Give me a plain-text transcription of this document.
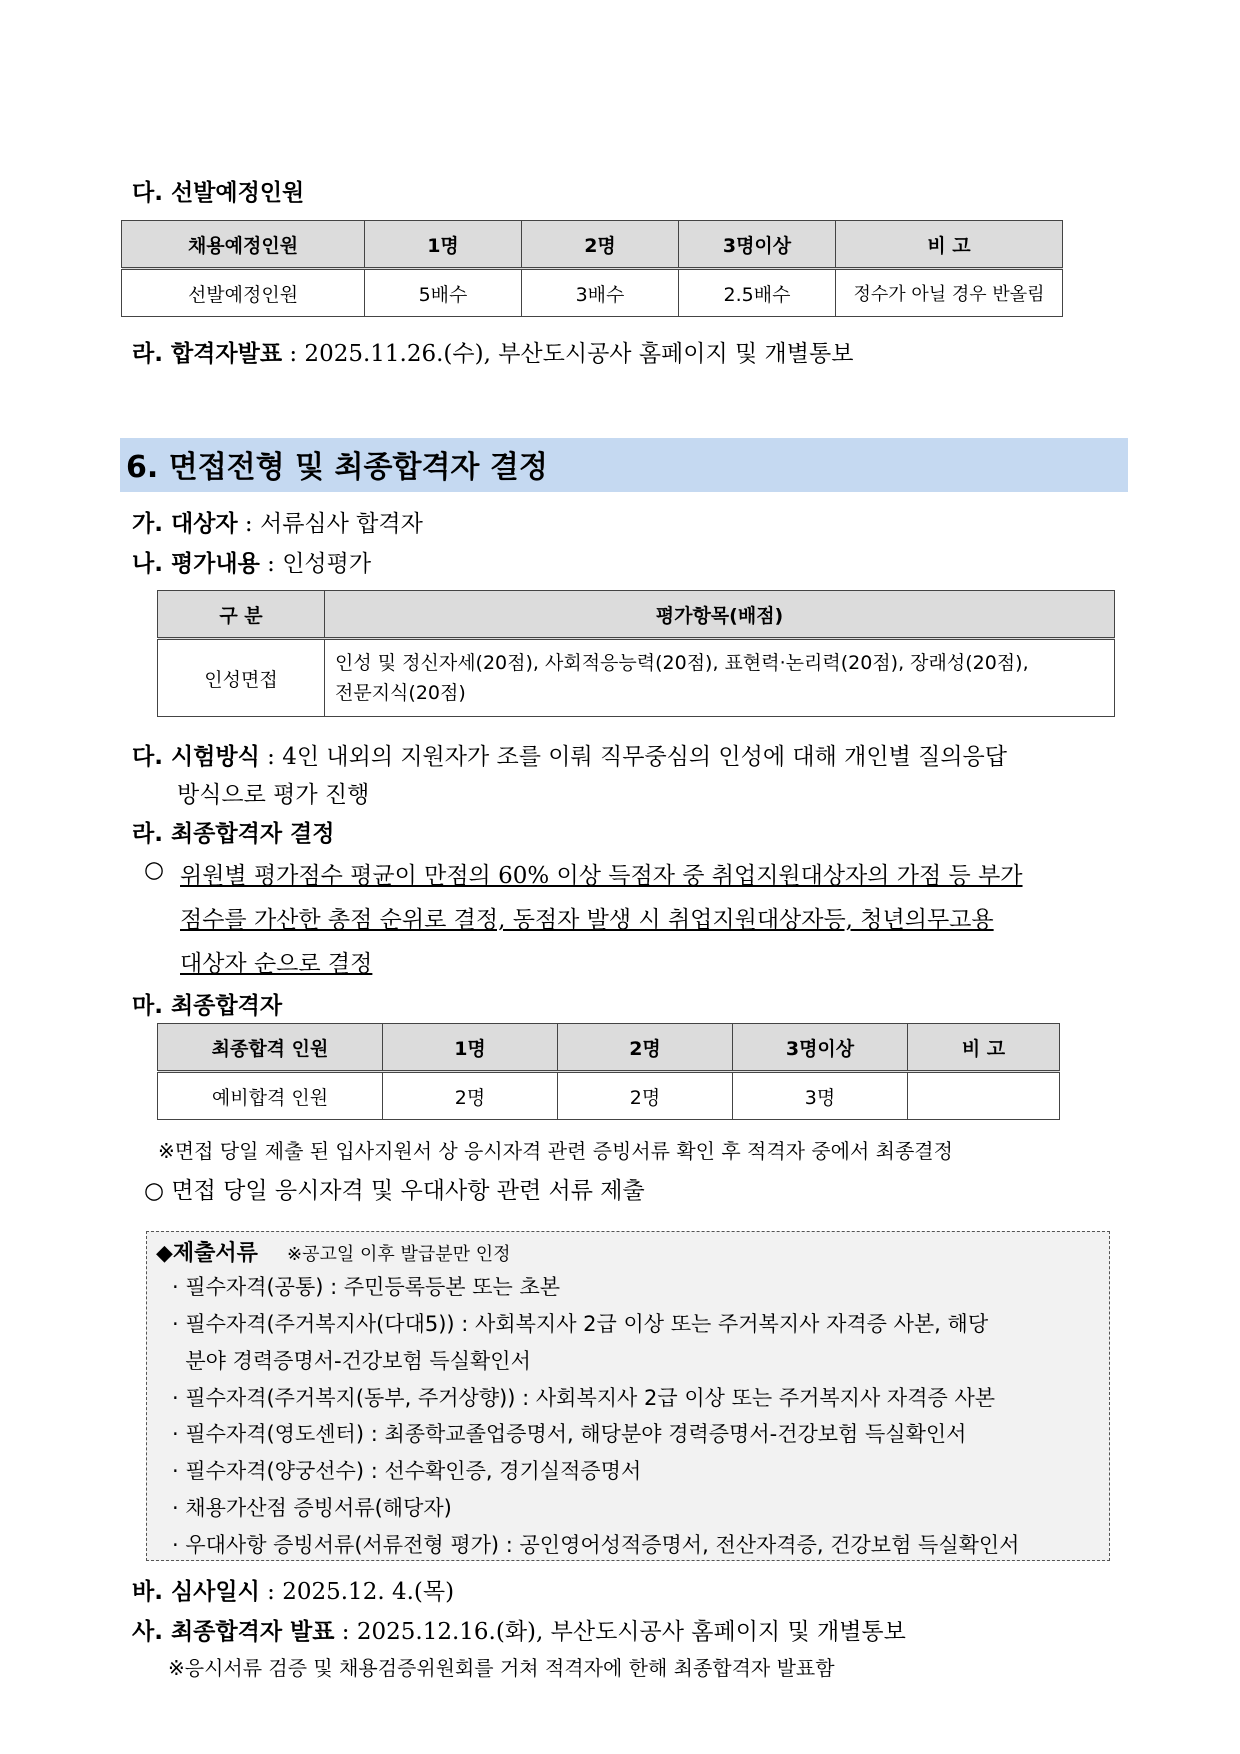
다. 선발예정인원
채용예정인원	1명	2명	3명이상	비 고
선발예정인원	5배수	3배수	2.5배수	정수가 아닐 경우 반올림
라. 합격자발표 : 2025.11.26.(수), 부산도시공사 홈페이지 및 개별통보
6. 면접전형 및 최종합격자 결정
가. 대상자 : 서류심사 합격자
나. 평가내용 : 인성평가
구 분	평가항목(배점)
인성면접	인성 및 정신자세(20점), 사회적응능력(20점), 표현력·논리력(20점), 장래성(20점),
전문지식(20점)
다. 시험방식 : 4인 내외의 지원자가 조를 이뤄 직무중심의 인성에 대해 개인별 질의응답
방식으로 평가 진행
라. 최종합격자 결정
○ 위원별 평가점수 평균이 만점의 60% 이상 득점자 중 취업지원대상자의 가점 등 부가
점수를 가산한 총점 순위로 결정, 동점자 발생 시 취업지원대상자등, 청년의무고용
대상자 순으로 결정
마. 최종합격자
최종합격 인원	1명	2명	3명이상	비 고
예비합격 인원	2명	2명	3명	
※면접 당일 제출 된 입사지원서 상 응시자격 관련 증빙서류 확인 후 적격자 중에서 최종결정
○ 면접 당일 응시자격 및 우대사항 관련 서류 제출
◆제출서류 ※공고일 이후 발급분만 인정
· 필수자격(공통) : 주민등록등본 또는 초본
· 필수자격(주거복지사(다대5)) : 사회복지사 2급 이상 또는 주거복지사 자격증 사본, 해당
분야 경력증명서-건강보험 득실확인서
· 필수자격(주거복지(동부, 주거상향)) : 사회복지사 2급 이상 또는 주거복지사 자격증 사본
· 필수자격(영도센터) : 최종학교졸업증명서, 해당분야 경력증명서-건강보험 득실확인서
· 필수자격(양궁선수) : 선수확인증, 경기실적증명서
· 채용가산점 증빙서류(해당자)
· 우대사항 증빙서류(서류전형 평가) : 공인영어성적증명서, 전산자격증, 건강보험 득실확인서
바. 심사일시 : 2025.12. 4.(목)
사. 최종합격자 발표 : 2025.12.16.(화), 부산도시공사 홈페이지 및 개별통보
※응시서류 검증 및 채용검증위원회를 거쳐 적격자에 한해 최종합격자 발표함
